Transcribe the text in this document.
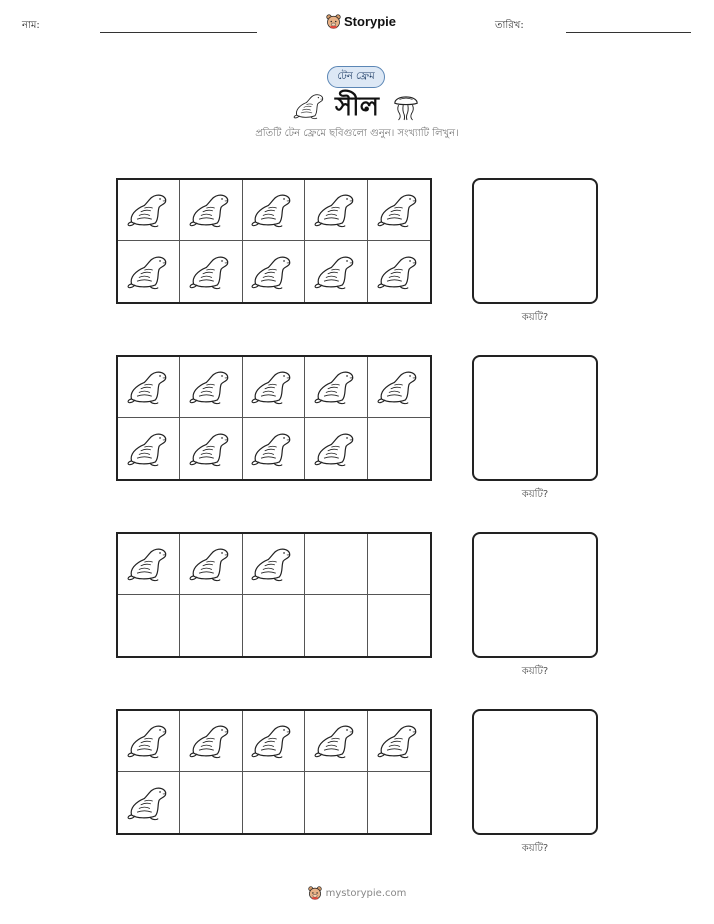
নাম:	Storypie	তারিখ:
টেন ফ্রেম
সীল
প্রতিটি টেন ফ্রেমে ছবিগুলো গুনুন। সংখ্যাটি লিখুন।
কয়টি?
কয়টি?
কয়টি?
কয়টি?
mystorypie.com
